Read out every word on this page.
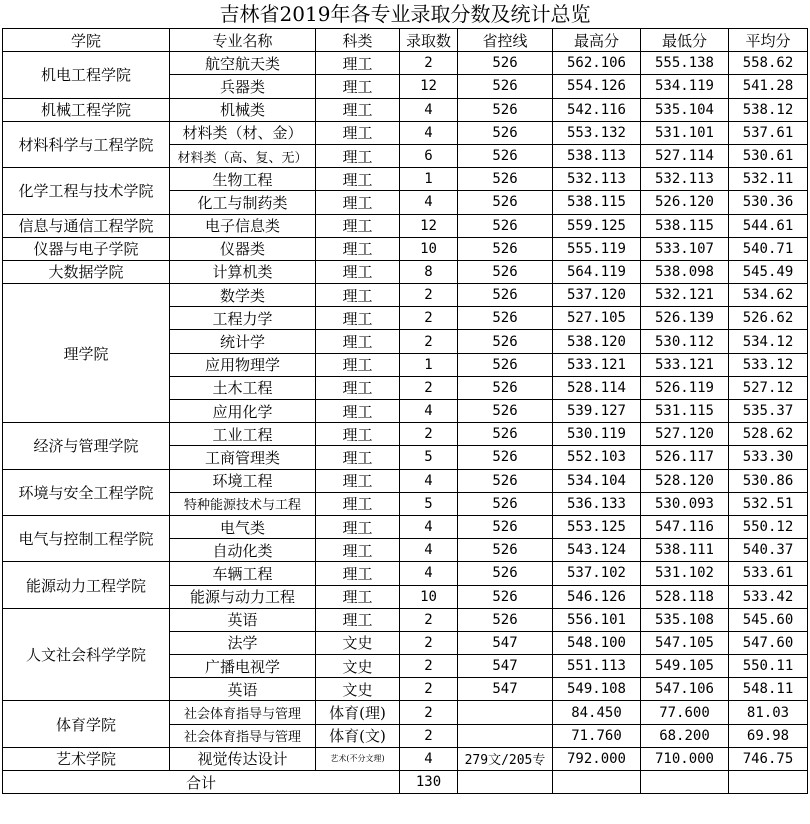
吉林省2019年各专业录取分数及统计总览
学院	专业名称	科类	录取数	省控线	最高分	最低分	平均分
机电工程学院	航空航天类	理工	2	526	562.106	555.138	558.62
	兵器类	理工	12	526	554.126	534.119	541.28
机械工程学院	机械类	理工	4	526	542.116	535.104	538.12
材料科学与工程学院	材料类（材、金）	理工	4	526	553.132	531.101	537.61
	材料类（高、复、无）	理工	6	526	538.113	527.114	530.61
化学工程与技术学院	生物工程	理工	1	526	532.113	532.113	532.11
	化工与制药类	理工	4	526	538.115	526.120	530.36
信息与通信工程学院	电子信息类	理工	12	526	559.125	538.115	544.61
仪器与电子学院	仪器类	理工	10	526	555.119	533.107	540.71
大数据学院	计算机类	理工	8	526	564.119	538.098	545.49
理学院	数学类	理工	2	526	537.120	532.121	534.62
	工程力学	理工	2	526	527.105	526.139	526.62
	统计学	理工	2	526	538.120	530.112	534.12
	应用物理学	理工	1	526	533.121	533.121	533.12
	土木工程	理工	2	526	528.114	526.119	527.12
	应用化学	理工	4	526	539.127	531.115	535.37
经济与管理学院	工业工程	理工	2	526	530.119	527.120	528.62
	工商管理类	理工	5	526	552.103	526.117	533.30
环境与安全工程学院	环境工程	理工	4	526	534.104	528.120	530.86
	特种能源技术与工程	理工	5	526	536.133	530.093	532.51
电气与控制工程学院	电气类	理工	4	526	553.125	547.116	550.12
	自动化类	理工	4	526	543.124	538.111	540.37
能源动力工程学院	车辆工程	理工	4	526	537.102	531.102	533.61
	能源与动力工程	理工	10	526	546.126	528.118	533.42
人文社会科学学院	英语	理工	2	526	556.101	535.108	545.60
	法学	文史	2	547	548.100	547.105	547.60
	广播电视学	文史	2	547	551.113	549.105	550.11
	英语	文史	2	547	549.108	547.106	548.11
体育学院	社会体育指导与管理	体育(理)	2		84.450	77.600	81.03
	社会体育指导与管理	体育(文)	2		71.760	68.200	69.98
艺术学院	视觉传达设计	艺术(不分文理)	4	279文/205专	792.000	710.000	746.75
合计			130				
